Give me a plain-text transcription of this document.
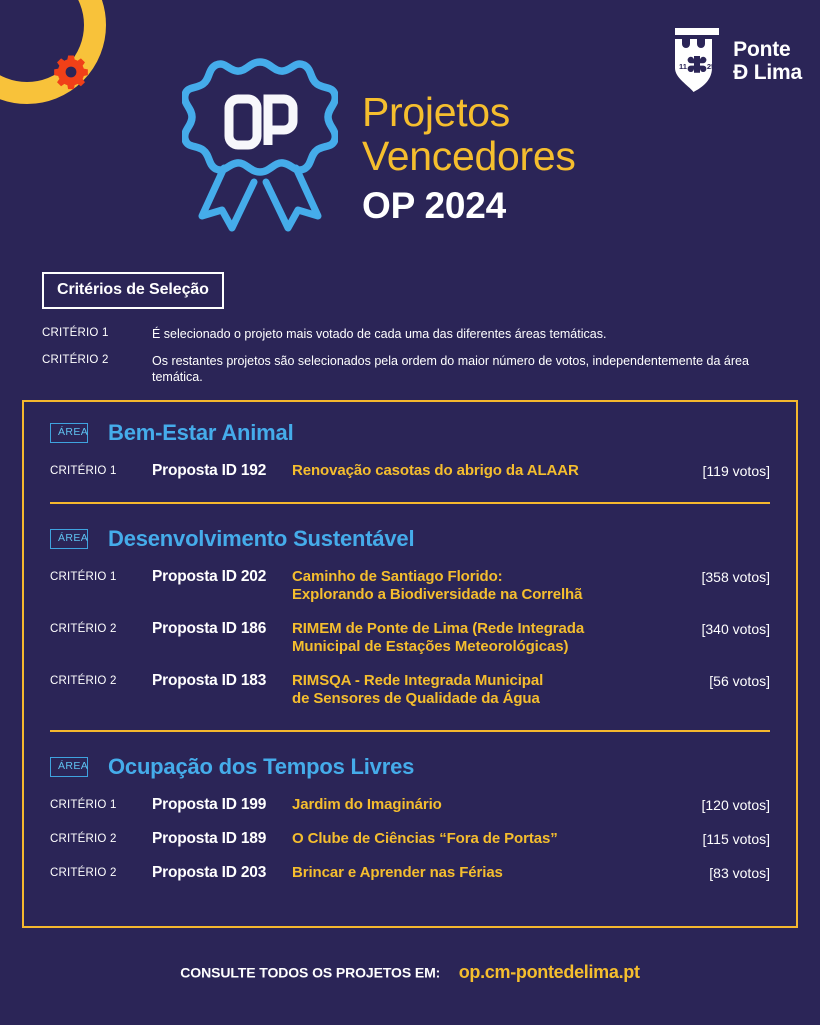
Projetos
Vencedores
OP 2024
11	25
Ponte
Ð Lima
Critérios de Seleção
CRITÉRIO 1	É selecionado o projeto mais votado de cada uma das diferentes áreas temáticas.
CRITÉRIO 2	Os restantes projetos são selecionados pela ordem do maior número de votos, independentemente da área temática.
ÁREA Bem-Estar Animal
CRITÉRIO 1	Proposta ID 192	Renovação casotas do abrigo da ALAAR	[119 votos]
ÁREA Desenvolvimento Sustentável
CRITÉRIO 1	Proposta ID 202	Caminho de Santiago Florido:
Explorando a Biodiversidade na Correlhã
[358 votos]
CRITÉRIO 2	Proposta ID 186	RIMEM de Ponte de Lima (Rede Integrada
Municipal de Estações Meteorológicas)
[340 votos]
CRITÉRIO 2	Proposta ID 183	RIMSQA - Rede Integrada Municipal
de Sensores de Qualidade da Água
[56 votos]
ÁREA Ocupação dos Tempos Livres
CRITÉRIO 1	Proposta ID 199	Jardim do Imaginário	[120 votos]
CRITÉRIO 2	Proposta ID 189	O Clube de Ciências “Fora de Portas”	[115 votos]
CRITÉRIO 2	Proposta ID 203	Brincar e Aprender nas Férias	[83 votos]
CONSULTE TODOS OS PROJETOS EM: op.cm-pontedelima.pt
